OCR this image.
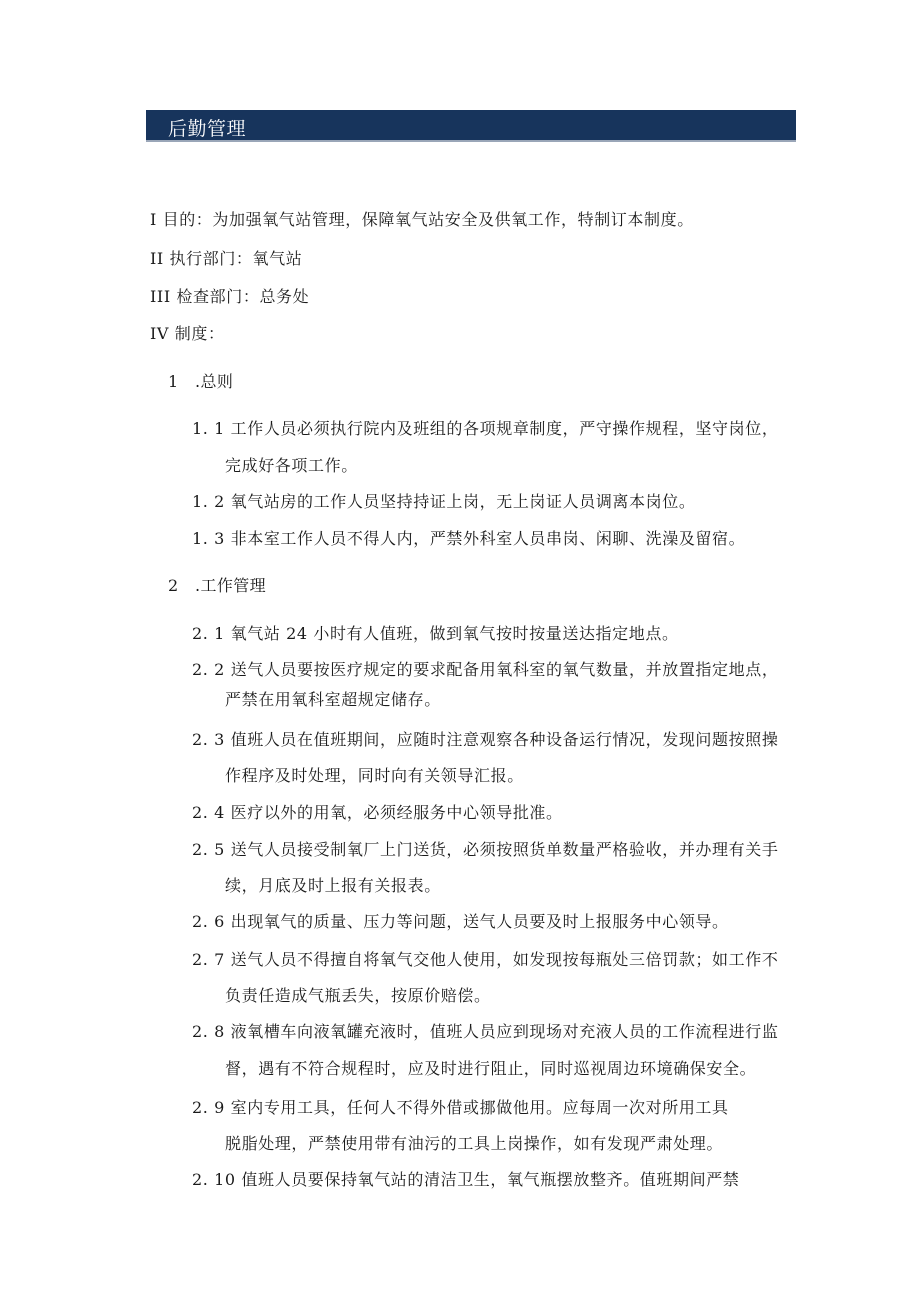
后勤管理
I 目的：为加强氧气站管理，保障氧气站安全及供氧工作，特制订本制度。
II 执行部门：氧气站
III 检查部门：总务处
IV 制度：
1　.总则
1. 1 工作人员必须执行院内及班组的各项规章制度，严守操作规程，坚守岗位，
完成好各项工作。
1. 2 氧气站房的工作人员坚持持证上岗，无上岗证人员调离本岗位。
1. 3 非本室工作人员不得人内，严禁外科室人员串岗、闲聊、洗澡及留宿。
2　.工作管理
2. 1 氧气站 24 小时有人值班，做到氧气按时按量送达指定地点。
2. 2 送气人员要按医疗规定的要求配备用氧科室的氧气数量，并放置指定地点，
严禁在用氧科室超规定储存。
2. 3 值班人员在值班期间，应随时注意观察各种设备运行情况，发现问题按照操
作程序及时处理，同时向有关领导汇报。
2. 4 医疗以外的用氧，必须经服务中心领导批准。
2. 5 送气人员接受制氧厂上门送货，必须按照货单数量严格验收，并办理有关手
续，月底及时上报有关报表。
2. 6 出现氧气的质量、压力等问题，送气人员要及时上报服务中心领导。
2. 7 送气人员不得擅自将氧气交他人使用，如发现按每瓶处三倍罚款；如工作不
负责任造成气瓶丢失，按原价赔偿。
2. 8 液氧槽车向液氧罐充液时，值班人员应到现场对充液人员的工作流程进行监
督，遇有不符合规程时，应及时进行阻止，同时巡视周边环境确保安全。
2. 9 室内专用工具，任何人不得外借或挪做他用。应每周一次对所用工具
脱脂处理，严禁使用带有油污的工具上岗操作，如有发现严肃处理。
2. 10 值班人员要保持氧气站的清洁卫生，氧气瓶摆放整齐。值班期间严禁
